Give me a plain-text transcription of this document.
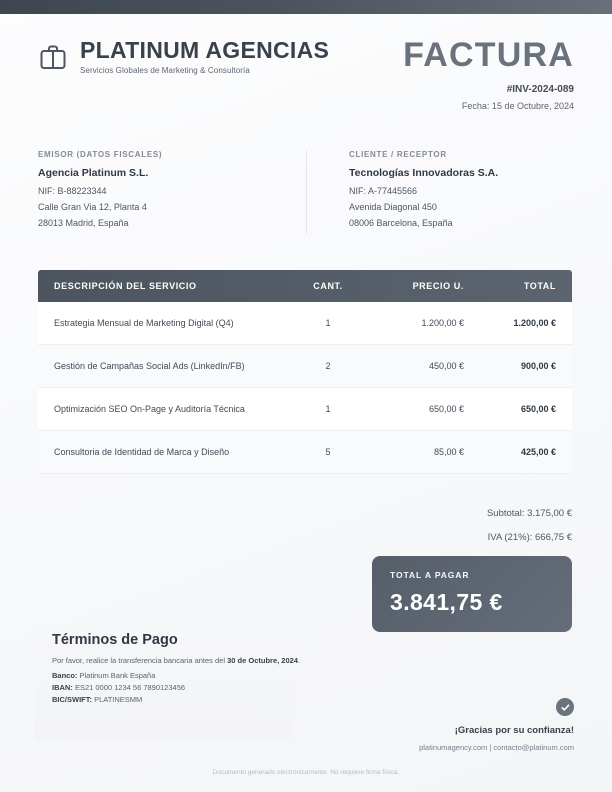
PLATINUM AGENCIAS
Servicios Globales de Marketing & Consultoría	FACTURA
#INV-2024-089
Fecha: 15 de Octubre, 2024
EMISOR (DATOS FISCALES)
Agencia Platinum S.L.
NIF: B-88223344
Calle Gran Via 12, Planta 4
28013 Madrid, España
CLIENTE / RECEPTOR
Tecnologías Innovadoras S.A.
NIF: A-77445566
Avenida Diagonal 450
08006 Barcelona, España
DESCRIPCIÓN DEL SERVICIO	CANT.	PRECIO U.	TOTAL
Estrategia Mensual de Marketing Digital (Q4)	1	1.200,00 €	1.200,00 €
Gestión de Campañas Social Ads (LinkedIn/FB)	2	450,00 €	900,00 €
Optimización SEO On-Page y Auditoría Técnica	1	650,00 €	650,00 €
Consultoria de Identidad de Marca y Diseño	5	85,00 €	425,00 €
Subtotal: 3.175,00 €
IVA (21%): 666,75 €
TOTAL A PAGAR
3.841,75 €
Términos de Pago
Por favor, realice la transferencia bancaria antes del 30 de Octubre, 2024.
Banco: Platinum Bank España
IBAN: ES21 0000 1234 56 7890123456
BIC/SWIFT: PLATINESMM
¡Gracias por su confianza!
platinumagency.com | contacto@platinum.com
Documento generado electrónicamente. No requiere firma física.
